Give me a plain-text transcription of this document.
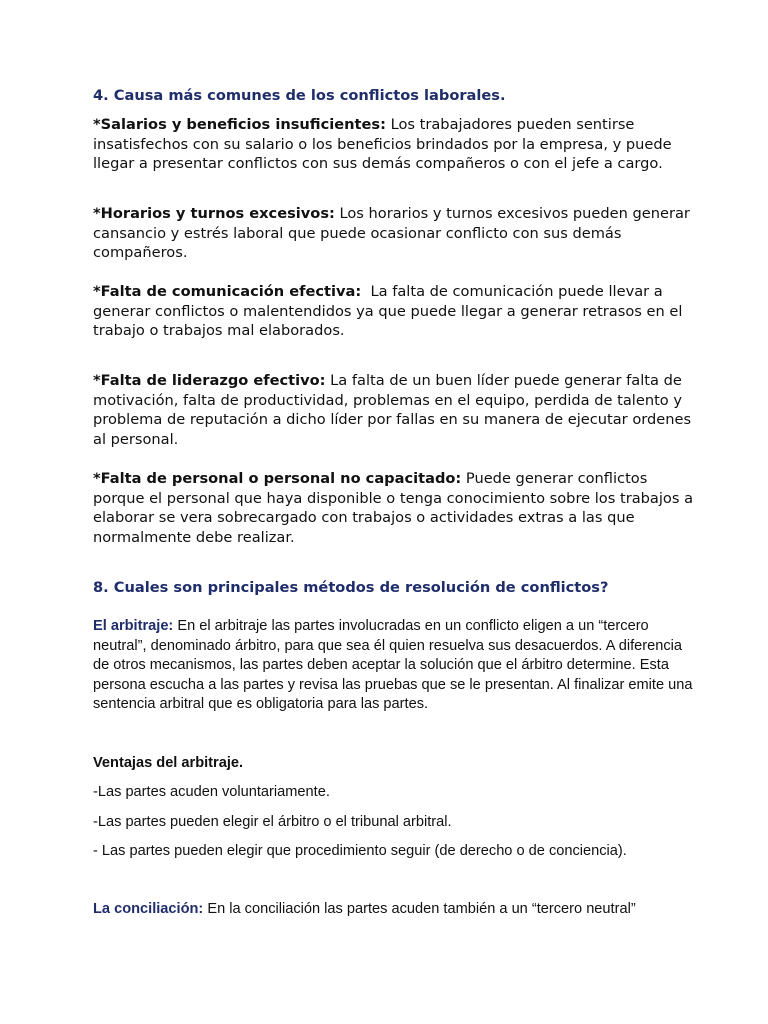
4. Causa más comunes de los conflictos laborales.

*Salarios y beneficios insuficientes: Los trabajadores pueden sentirse insatisfechos con su salario o los beneficios brindados por la empresa, y puede llegar a presentar conflictos con sus demás compañeros o con el jefe a cargo.

*Horarios y turnos excesivos: Los horarios y turnos excesivos pueden generar cansancio y estrés laboral que puede ocasionar conflicto con sus demás compañeros.

*Falta de comunicación efectiva:  La falta de comunicación puede llevar a generar conflictos o malentendidos ya que puede llegar a generar retrasos en el trabajo o trabajos mal elaborados.

*Falta de liderazgo efectivo: La falta de un buen líder puede generar falta de motivación, falta de productividad, problemas en el equipo, perdida de talento y problema de reputación a dicho líder por fallas en su manera de ejecutar ordenes al personal.

*Falta de personal o personal no capacitado: Puede generar conflictos porque el personal que haya disponible o tenga conocimiento sobre los trabajos a elaborar se vera sobrecargado con trabajos o actividades extras a las que normalmente debe realizar.

8. Cuales son principales métodos de resolución de conflictos?

El arbitraje: En el arbitraje las partes involucradas en un conflicto eligen a un “tercero neutral”, denominado árbitro, para que sea él quien resuelva sus desacuerdos. A diferencia de otros mecanismos, las partes deben aceptar la solución que el árbitro determine. Esta persona escucha a las partes y revisa las pruebas que se le presentan. Al finalizar emite una sentencia arbitral que es obligatoria para las partes.

Ventajas del arbitraje.

-Las partes acuden voluntariamente.

-Las partes pueden elegir el árbitro o el tribunal arbitral.

- Las partes pueden elegir que procedimiento seguir (de derecho o de conciencia).

La conciliación: En la conciliación las partes acuden también a un “tercero neutral”
